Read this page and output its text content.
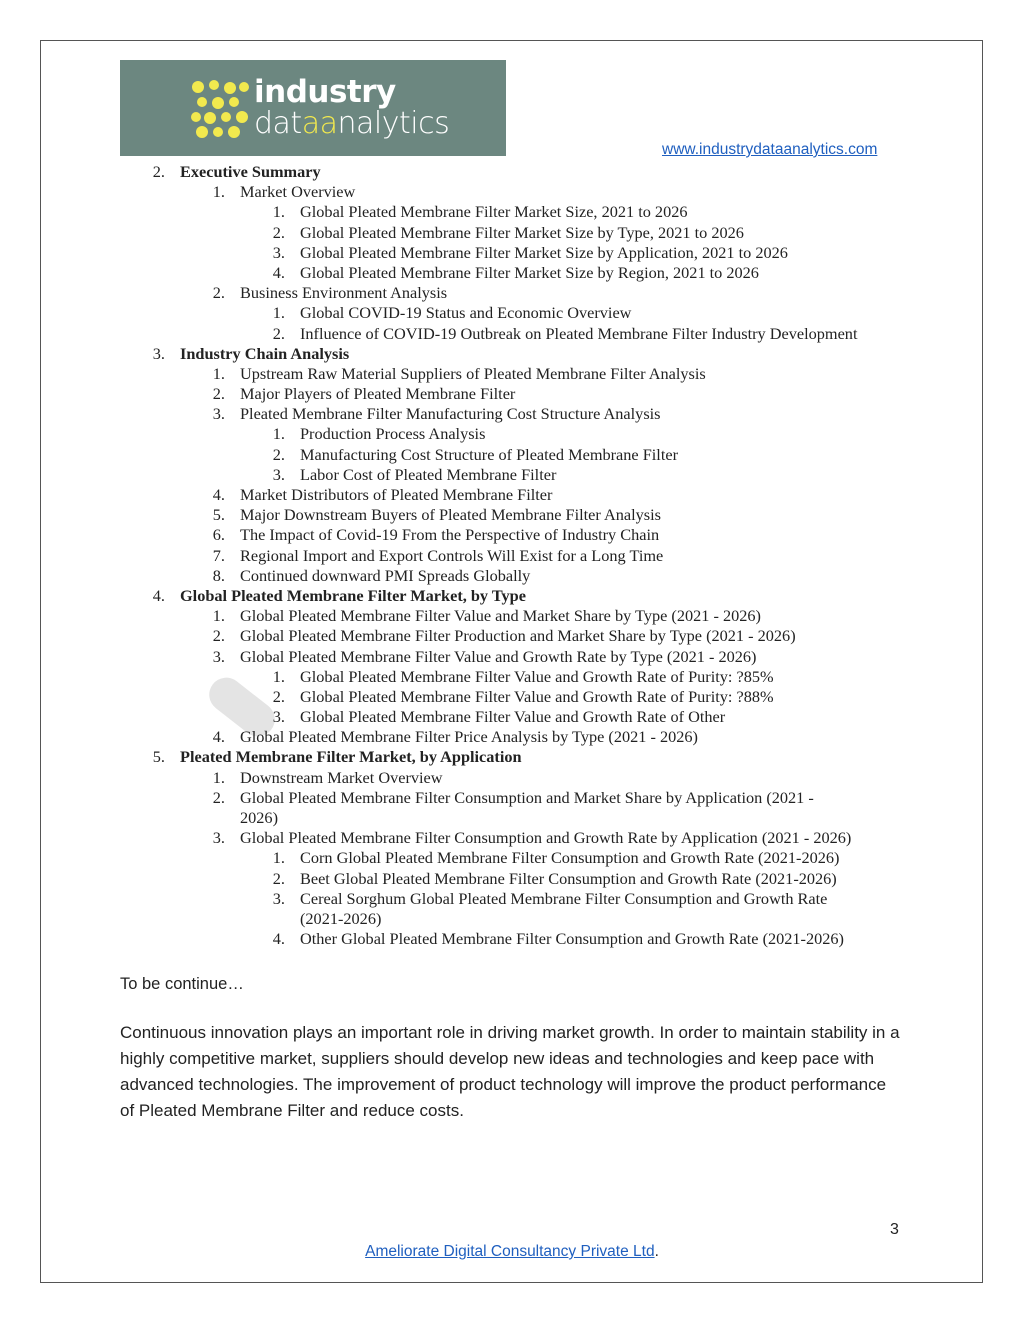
industry
dataanalytics
www.industrydataanalytics.com
2. Executive Summary
1. Market Overview
1. Global Pleated Membrane Filter Market Size, 2021 to 2026
2. Global Pleated Membrane Filter Market Size by Type, 2021 to 2026
3. Global Pleated Membrane Filter Market Size by Application, 2021 to 2026
4. Global Pleated Membrane Filter Market Size by Region, 2021 to 2026
2. Business Environment Analysis
1. Global COVID-19 Status and Economic Overview
2. Influence of COVID-19 Outbreak on Pleated Membrane Filter Industry Development
3. Industry Chain Analysis
1. Upstream Raw Material Suppliers of Pleated Membrane Filter Analysis
2. Major Players of Pleated Membrane Filter
3. Pleated Membrane Filter Manufacturing Cost Structure Analysis
1. Production Process Analysis
2. Manufacturing Cost Structure of Pleated Membrane Filter
3. Labor Cost of Pleated Membrane Filter
4. Market Distributors of Pleated Membrane Filter
5. Major Downstream Buyers of Pleated Membrane Filter Analysis
6. The Impact of Covid-19 From the Perspective of Industry Chain
7. Regional Import and Export Controls Will Exist for a Long Time
8. Continued downward PMI Spreads Globally
4. Global Pleated Membrane Filter Market, by Type
1. Global Pleated Membrane Filter Value and Market Share by Type (2021 - 2026)
2. Global Pleated Membrane Filter Production and Market Share by Type (2021 - 2026)
3. Global Pleated Membrane Filter Value and Growth Rate by Type (2021 - 2026)
1. Global Pleated Membrane Filter Value and Growth Rate of Purity: ?85%
2. Global Pleated Membrane Filter Value and Growth Rate of Purity: ?88%
3. Global Pleated Membrane Filter Value and Growth Rate of Other
4. Global Pleated Membrane Filter Price Analysis by Type (2021 - 2026)
5. Pleated Membrane Filter Market, by Application
1. Downstream Market Overview
2. Global Pleated Membrane Filter Consumption and Market Share by Application (2021 -
2026)
3. Global Pleated Membrane Filter Consumption and Growth Rate by Application (2021 - 2026)
1. Corn Global Pleated Membrane Filter Consumption and Growth Rate (2021-2026)
2. Beet Global Pleated Membrane Filter Consumption and Growth Rate (2021-2026)
3. Cereal Sorghum Global Pleated Membrane Filter Consumption and Growth Rate
(2021-2026)
4. Other Global Pleated Membrane Filter Consumption and Growth Rate (2021-2026)
To be continue…
Continuous innovation plays an important role in driving market growth. In order to maintain stability in a highly competitive market, suppliers should develop new ideas and technologies and keep pace with advanced technologies. The improvement of product technology will improve the product performance of Pleated Membrane Filter and reduce costs.
3
Ameliorate Digital Consultancy Private Ltd.
